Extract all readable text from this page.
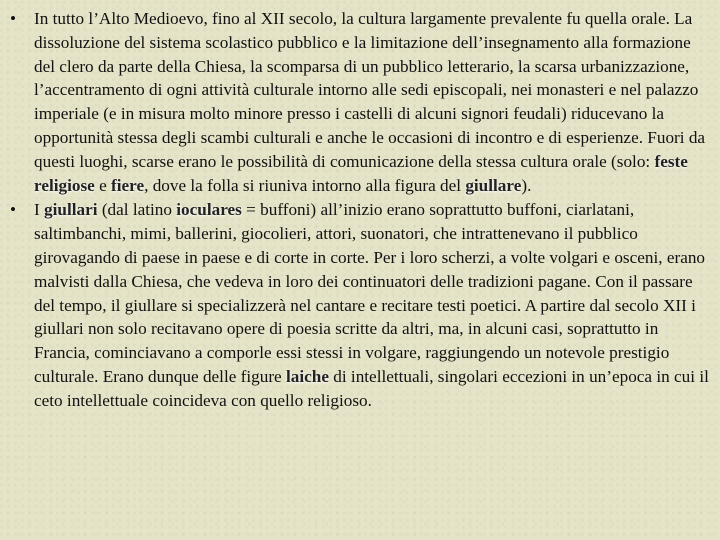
• In tutto l’Alto Medioevo, fino al XII secolo, la cultura largamente prevalente fu quella orale. La dissoluzione del sistema scolastico pubblico e la limitazione dell’insegnamento alla formazione del clero da parte della Chiesa, la scomparsa di un pubblico letterario, la scarsa urbanizzazione, l’accentramento di ogni attività culturale intorno alle sedi episcopali, nei monasteri e nel palazzo imperiale (e in misura molto minore presso i castelli di alcuni signori feudali) riducevano la opportunità stessa degli scambi culturali e anche le occasioni di incontro e di esperienze. Fuori da questi luoghi, scarse erano le possibilità di comunicazione della stessa cultura orale (solo: feste religiose e fiere, dove la folla si riuniva intorno alla figura del giullare).
• I giullari (dal latino ioculares = buffoni) all’inizio erano soprattutto buffoni, ciarlatani, saltimbanchi, mimi, ballerini, giocolieri, attori, suonatori, che intrattenevano il pubblico girovagando di paese in paese e di corte in corte. Per i loro scherzi, a volte volgari e osceni, erano malvisti dalla Chiesa, che vedeva in loro dei continuatori delle tradizioni pagane. Con il passare del tempo, il giullare si specializzerà nel cantare e recitare testi poetici. A partire dal secolo XII i giullari non solo recitavano opere di poesia scritte da altri, ma, in alcuni casi, soprattutto in Francia, cominciavano a comporle essi stessi in volgare, raggiungendo un notevole prestigio culturale. Erano dunque delle figure laiche di intellettuali, singolari eccezioni in un’epoca in cui il ceto intellettuale coincideva con quello religioso.
